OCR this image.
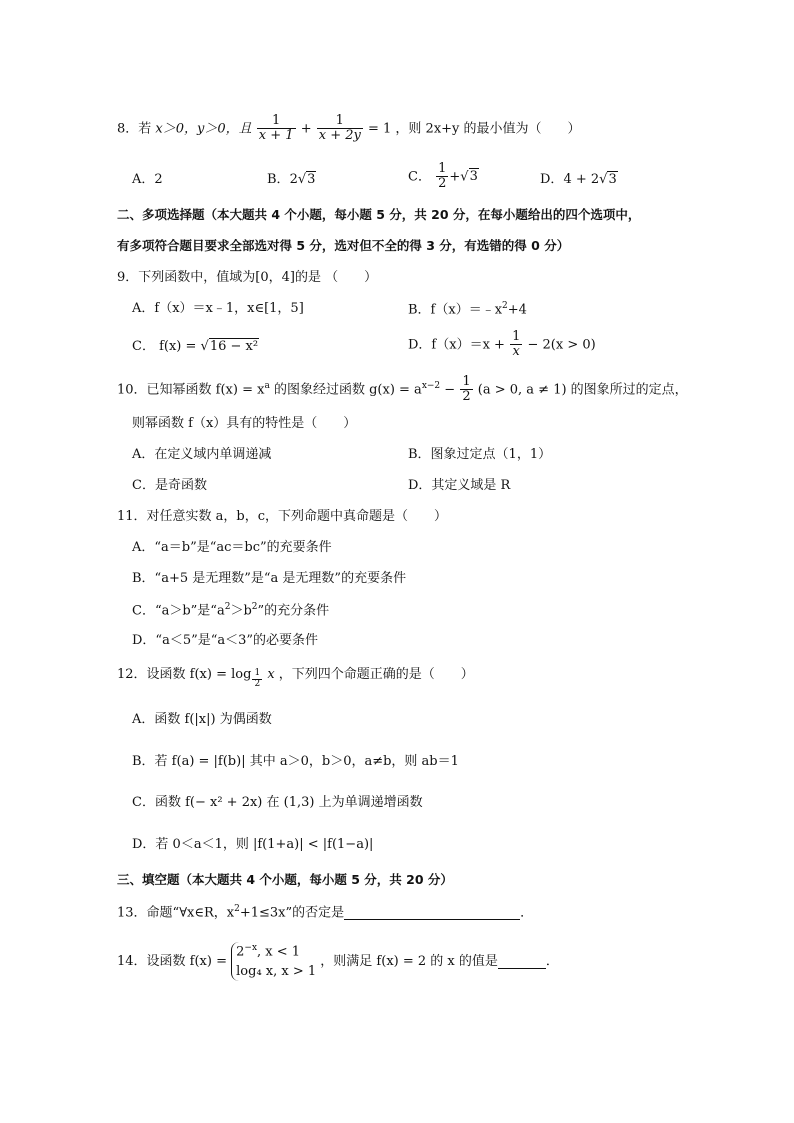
8．若 x＞0，y＞0，且 $\frac{1}{x + 1} + \frac{1}{x + 2y} = 1$ ，则 2x+y 的最小值为（　　）
A．2	B．2√3	C． $\frac{1}{2} +√3$	D．4 + 2√3
二、多项选择题（本大题共 4 个小题，每小题 5 分，共 20 分，在每小题给出的四个选项中，
有多项符合题目要求全部选对得 5 分，选对但不全的得 3 分，有选错的得 0 分）
9．下列函数中，值域为[0，4]的是 （　　）
A．f（x）＝x﹣1，x∈[1，5]	B．$f(x)=﹣x^2+4$
C． f(x) = √16 − x²	D．$f(x)=x + \frac{1}{x} - 2(x > 0)$
10．已知幂函数 $f(x) = x^a$ 的图象经过函数 $g(x) = a^{x-2} - \frac{1}{2} (a > 0$, a ≠ 1) 的图象所过的定点，
则幂函数 f（x）具有的特性是（　　）
A．在定义域内单调递减	B．图象过定点（1，1）
C．是奇函数	D．其定义域是 R
11．对任意实数 a，b，c，下列命题中真命题是（　　）
A．“a＝b”是“ac＝bc”的充要条件
B．“a+5 是无理数”是“a 是无理数”的充要条件
C．“a＞b”是“$a^2>b^2$”的充分条件
D．“a＜5”是“a＜3”的必要条件
12．设函数 f(x) = log $_{\frac{1}{2}}$ x ，下列四个命题正确的是（　　）
A．函数 f(|x|) 为偶函数
B．若 f(a) = |f(b)| 其中 a＞0，b＞0，a≠b，则 ab＝1
C．函数 f(− x² + 2x) 在 (1,3) 上为单调递增函数
D．若 0＜a＜1，则 |f(1+a)| < |f(1−a)|
三、填空题（本大题共 4 个小题，每小题 5 分，共 20 分）
13．命题“∀x∈R，$x^2+1\le 3x$”的否定是	．
14．设函数 f(x) =
$2^{-x}$, x < 1
log₄ x, x > 1
，则满足 f(x) = 2 的 x 的值是	．
